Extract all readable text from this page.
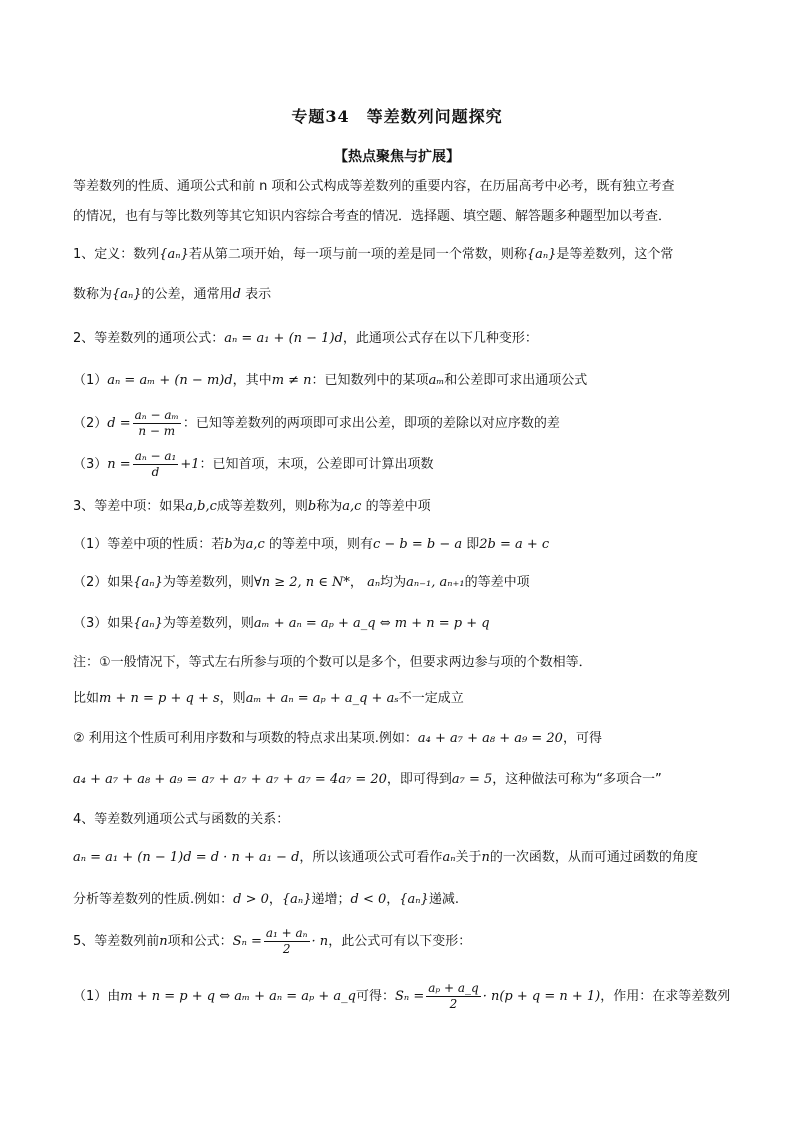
专题34　等差数列问题探究
【热点聚焦与扩展】
等差数列的性质、通项公式和前 n 项和公式构成等差数列的重要内容，在历届高考中必考，既有独立考查
的情况，也有与等比数列等其它知识内容综合考查的情况．选择题、填空题、解答题多种题型加以考查．
1、定义：数列{aₙ}若从第二项开始，每一项与前一项的差是同一个常数，则称{aₙ}是等差数列，这个常
数称为{aₙ}的公差，通常用d 表示
2、等差数列的通项公式：aₙ = a₁ + (n − 1)d，此通项公式存在以下几种变形：
（1）aₙ = aₘ + (n − m)d，其中m ≠ n：已知数列中的某项aₘ和公差即可求出通项公式
$(2)d = \frac{\text{aₙ − aₘ}}{n - m}$ ：已知等差数列的两项即可求出公差，即项的差除以对应序数的差
$(3)n = \frac{\text{aₙ − a₁}}{d} +1$：已知首项，末项，公差即可计算出项数
3、等差中项：如果a,b,c成等差数列，则b称为a,c 的等差中项
（1）等差中项的性质：若b为a,c 的等差中项，则有c − b = b − a 即2b = a + c
（2）如果{aₙ}为等差数列，则∀n ≥ 2, n ∈ N*， aₙ均为aₙ₋₁, aₙ₊₁的等差中项
（3）如果{aₙ}为等差数列，则aₘ + aₙ = aₚ + a_q ⇔ m + n = p + q
注：①一般情况下，等式左右所参与项的个数可以是多个，但要求两边参与项的个数相等．
比如m + n = p + q + s，则aₘ + aₙ = aₚ + a_q + aₛ不一定成立
② 利用这个性质可利用序数和与项数的特点求出某项.例如：a₄ + a₇ + a₈ + a₉ = 20，可得
a₄ + a₇ + a₈ + a₉ = a₇ + a₇ + a₇ + a₇ = 4a₇ = 20，即可得到a₇ = 5，这种做法可称为“多项合一”
4、等差数列通项公式与函数的关系：
aₙ = a₁ + (n − 1)d = d · n + a₁ − d，所以该通项公式可看作aₙ关于n的一次函数，从而可通过函数的角度
分析等差数列的性质.例如：d > 0，{aₙ}递增；d < 0，{aₙ}递减.
5、等差数列前n项和公式：$S_n = \frac{\text{a₁ + aₙ}}{2} \cdot n$，此公式可有以下变形：
（1）由m + n = p + q ⇔ aₘ + aₙ = aₚ + a_q可得：$S_n = \frac{\text{aₚ + a\_q}}{2} \cdot n(p + q = n + 1)$，作用：在求等差数列
